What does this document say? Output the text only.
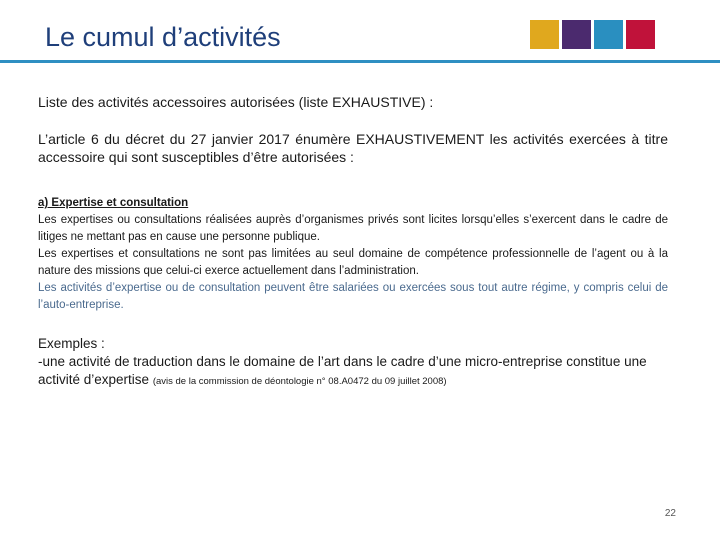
Le cumul d’activités
Liste des activités accessoires autorisées (liste EXHAUSTIVE) :
L’article 6 du décret du 27 janvier 2017 énumère EXHAUSTIVEMENT les activités exercées à titre accessoire qui sont susceptibles d’être autorisées :

a) Expertise et consultation

Les expertises ou consultations réalisées auprès d’organismes privés sont licites lorsqu’elles s’exercent dans le cadre de litiges ne mettant pas en cause une personne publique.

Les expertises et consultations ne sont pas limitées au seul domaine de compétence professionnelle de l’agent ou à la nature des missions que celui-ci exerce actuellement dans l’administration.

Les activités d’expertise ou de consultation peuvent être salariées ou exercées sous tout autre régime, y compris celui de l’auto-entreprise.

Exemples :

-une activité de traduction dans le domaine de l’art dans le cadre d’une micro-entreprise constitue une activité d’expertise (avis de la commission de déontologie n° 08.A0472 du 09 juillet 2008)

22
